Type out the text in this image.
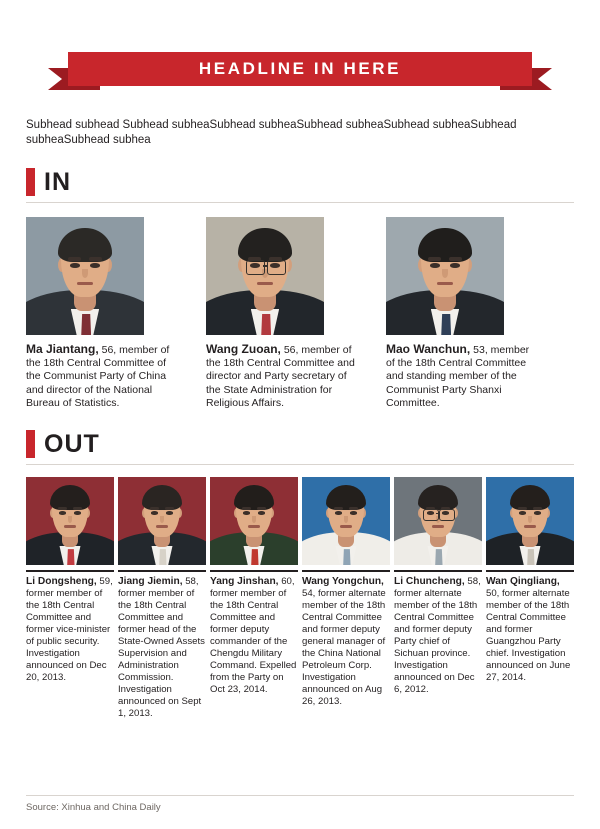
HEADLINE IN HERE
Subhead subhead Subhead subheaSubhead subheaSubhead subheaSubhead subheaSubhead subheaSubhead subhea
IN
Ma Jiantang, 56, member of the 18th Central Committee of the Communist Party of China and director of the National Bureau of Statistics.
Wang Zuoan, 56, member of the 18th Central Committee and director and Party secretary of the State Administration for Religious Affairs.
Mao Wanchun, 53, member of the 18th Central Committee and standing member of the Communist Party Shanxi Committee.
OUT
Li Dongsheng, 59, former member of the 18th Central Committee and former vice-minister of public security. Investigation announced on Dec 20, 2013.
Jiang Jiemin, 58, former member of the 18th Central Committee and former head of the State-Owned Assets Supervision and Administration Commission. Investigation announced on Sept 1, 2013.
Yang Jinshan, 60, former member of the 18th Central Committee and former deputy commander of the Chengdu Military Command. Expelled from the Party on Oct 23, 2014.
Wang Yongchun, 54, former alternate member of the 18th Central Committee and former deputy general manager of the China National Petroleum Corp. Investigation announced on Aug 26, 2013.
Li Chuncheng, 58, former alternate member of the 18th Central Committee and former deputy Party chief of Sichuan province. Investigation announced on Dec 6, 2012.
Wan Qingliang, 50, former alternate member of the 18th Central Committee and former Guangzhou Party chief. Investigation announced on June 27, 2014.
Source: Xinhua and China Daily
